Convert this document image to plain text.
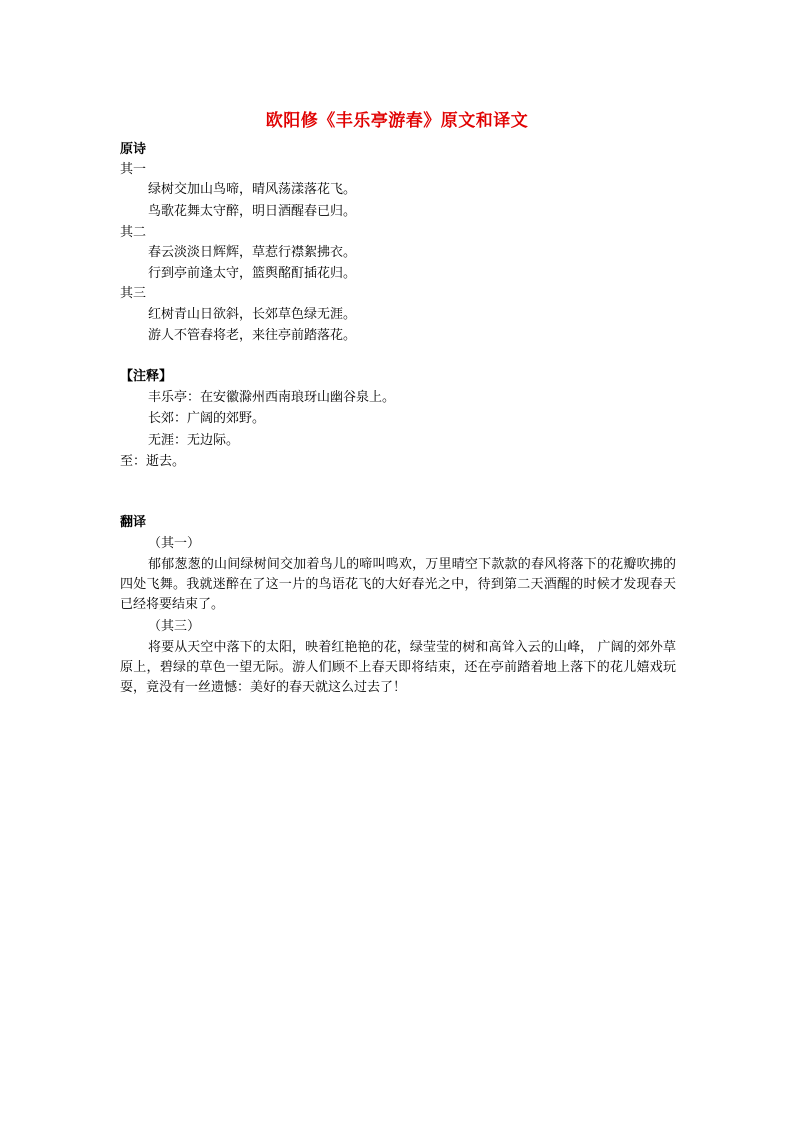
欧阳修《丰乐亭游春》原文和译文
原诗
其一
绿树交加山鸟啼，晴风荡漾落花飞。
鸟歌花舞太守醉，明日酒醒春已归。
其二
春云淡淡日辉辉，草惹行襟絮拂衣。
行到亭前逢太守，篮舆酩酊插花归。
其三
红树青山日欲斜，长郊草色绿无涯。
游人不管春将老，来往亭前踏落花。
【注释】
丰乐亭：在安徽滁州西南琅玡山幽谷泉上。
长郊：广阔的郊野。
无涯：无边际。
至：逝去。
翻译
（其一）
郁郁葱葱的山间绿树间交加着鸟儿的啼叫鸣欢，万里晴空下款款的春风将落下的花瓣吹拂的四处飞舞。我就迷醉在了这一片的鸟语花飞的大好春光之中，待到第二天酒醒的时候才发现春天已经将要结束了。
（其三）
将要从天空中落下的太阳，映着红艳艳的花，绿莹莹的树和高耸入云的山峰， 广阔的郊外草原上，碧绿的草色一望无际。游人们顾不上春天即将结束，还在亭前踏着地上落下的花儿嬉戏玩耍，竟没有一丝遗憾：美好的春天就这么过去了！
